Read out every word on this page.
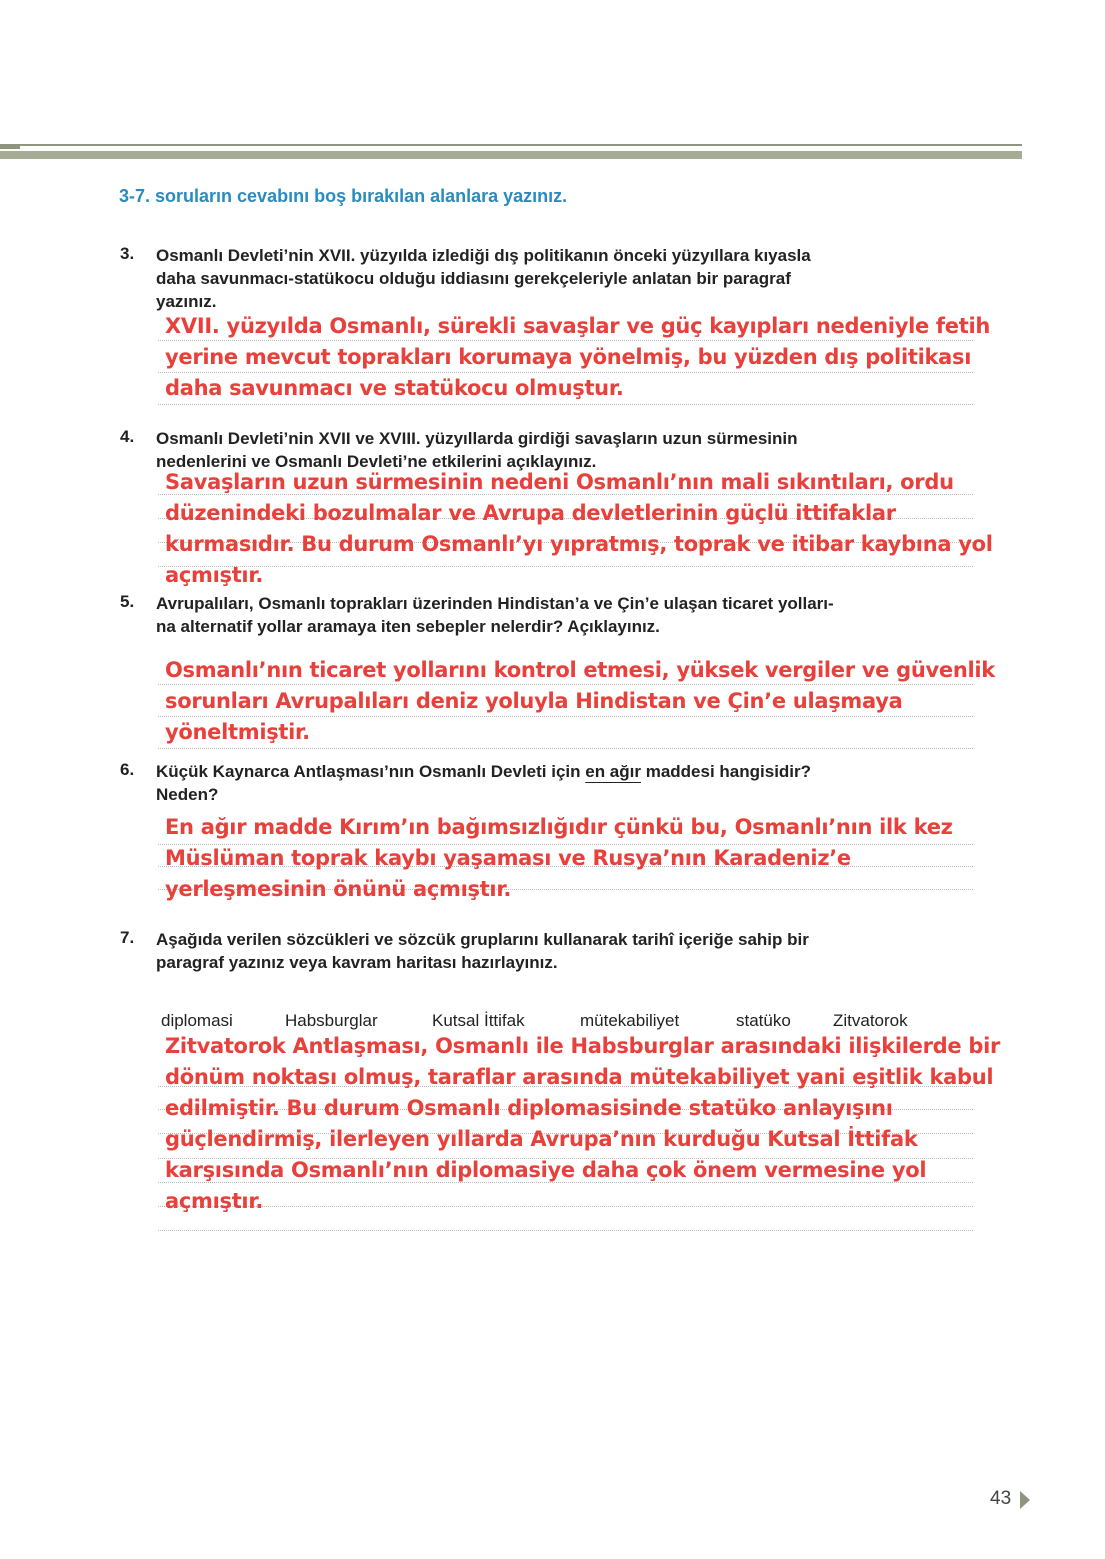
3-7. soruların cevabını boş bırakılan alanlara yazınız.
3. Osmanlı Devleti’nin XVII. yüzyılda izlediği dış politikanın önceki yüzyıllara kıyasla
daha savunmacı-statükocu olduğu iddiasını gerekçeleriyle anlatan bir paragraf
yazınız.
XVII. yüzyılda Osmanlı, sürekli savaşlar ve güç kayıpları nedeniyle fetih
yerine mevcut toprakları korumaya yönelmiş, bu yüzden dış politikası
daha savunmacı ve statükocu olmuştur.
4. Osmanlı Devleti’nin XVII ve XVIII. yüzyıllarda girdiği savaşların uzun sürmesinin
nedenlerini ve Osmanlı Devleti’ne etkilerini açıklayınız.
Savaşların uzun sürmesinin nedeni Osmanlı’nın mali sıkıntıları, ordu
düzenindeki bozulmalar ve Avrupa devletlerinin güçlü ittifaklar
kurmasıdır. Bu durum Osmanlı’yı yıpratmış, toprak ve itibar kaybına yol
açmıştır.
5. Avrupalıları, Osmanlı toprakları üzerinden Hindistan’a ve Çin’e ulaşan ticaret yolları-
na alternatif yollar aramaya iten sebepler nelerdir? Açıklayınız.
Osmanlı’nın ticaret yollarını kontrol etmesi, yüksek vergiler ve güvenlik
sorunları Avrupalıları deniz yoluyla Hindistan ve Çin’e ulaşmaya
yöneltmiştir.
6. Küçük Kaynarca Antlaşması’nın Osmanlı Devleti için en ağır maddesi hangisidir?
Neden?
En ağır madde Kırım’ın bağımsızlığıdır çünkü bu, Osmanlı’nın ilk kez
Müslüman toprak kaybı yaşaması ve Rusya’nın Karadeniz’e
yerleşmesinin önünü açmıştır.
7. Aşağıda verilen sözcükleri ve sözcük gruplarını kullanarak tarihî içeriğe sahip bir
paragraf yazınız veya kavram haritası hazırlayınız.
diplomasi	Habsburglar	Kutsal İttifak	mütekabiliyet	statüko Zitvatorok
Zitvatorok Antlaşması, Osmanlı ile Habsburglar arasındaki ilişkilerde bir
dönüm noktası olmuş, taraflar arasında mütekabiliyet yani eşitlik kabul
edilmiştir. Bu durum Osmanlı diplomasisinde statüko anlayışını
güçlendirmiş, ilerleyen yıllarda Avrupa’nın kurduğu Kutsal İttifak
karşısında Osmanlı’nın diplomasiye daha çok önem vermesine yol
açmıştır.
43
